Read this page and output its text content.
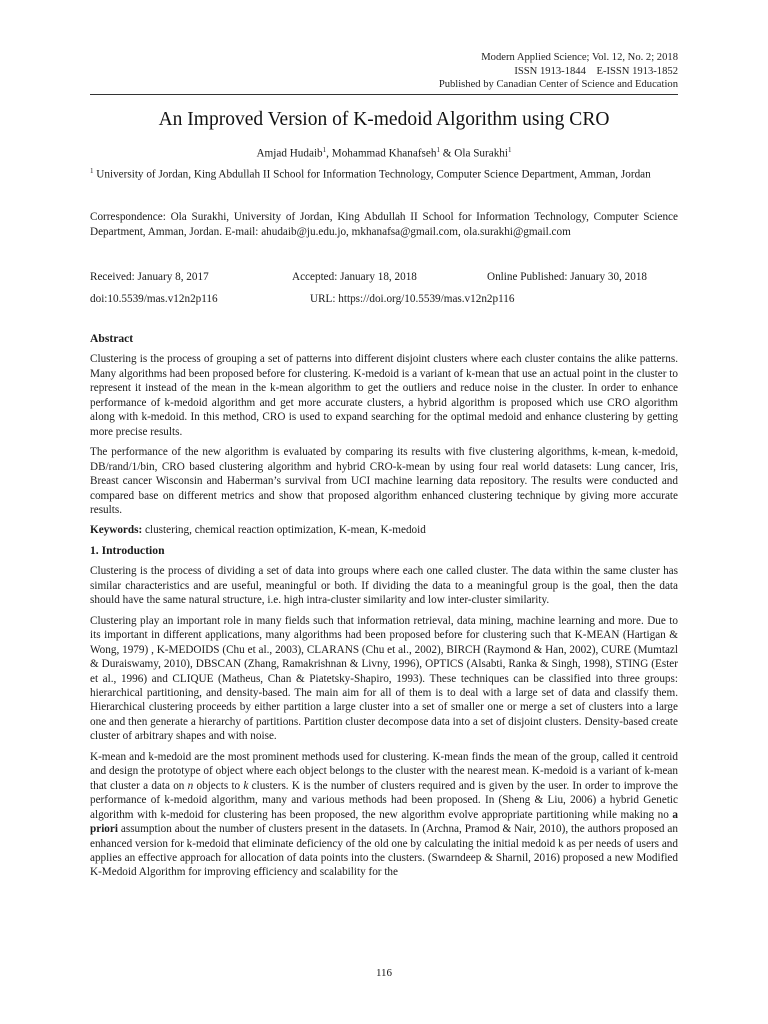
Modern Applied Science; Vol. 12, No. 2; 2018
ISSN 1913-1844    E-ISSN 1913-1852
Published by Canadian Center of Science and Education
An Improved Version of K-medoid Algorithm using CRO
Amjad Hudaib$^1$, Mohammad Khanafseh$^1$ & Ola Surakhi$^1$
$^1$ University of Jordan, King Abdullah II School for Information Technology, Computer Science Department, Amman, Jordan
Correspondence: Ola Surakhi, University of Jordan, King Abdullah II School for Information Technology, Computer Science Department, Amman, Jordan. E-mail: ahudaib@ju.edu.jo, mkhanafsa@gmail.com, ola.surakhi@gmail.com
Received: January 8, 2017	Accepted: January 18, 2018	Online Published: January 30, 2018
doi:10.5539/mas.v12n2p116	URL: https://doi.org/10.5539/mas.v12n2p116
Abstract

Clustering is the process of grouping a set of patterns into different disjoint clusters where each cluster contains the alike patterns. Many algorithms had been proposed before for clustering. K-medoid is a variant of k-mean that use an actual point in the cluster to represent it instead of the mean in the k-mean algorithm to get the outliers and reduce noise in the cluster. In order to enhance performance of k-medoid algorithm and get more accurate clusters, a hybrid algorithm is proposed which use CRO algorithm along with k-medoid. In this method, CRO is used to expand searching for the optimal medoid and enhance clustering by getting more precise results.

The performance of the new algorithm is evaluated by comparing its results with five clustering algorithms, k-mean, k-medoid, DB/rand/1/bin, CRO based clustering algorithm and hybrid CRO-k-mean by using four real world datasets: Lung cancer, Iris, Breast cancer Wisconsin and Haberman’s survival from UCI machine learning data repository. The results were conducted and compared base on different metrics and show that proposed algorithm enhanced clustering technique by giving more accurate results.

Keywords: clustering, chemical reaction optimization, K-mean, K-medoid

1. Introduction

Clustering is the process of dividing a set of data into groups where each one called cluster. The data within the same cluster has similar characteristics and are useful, meaningful or both. If dividing the data to a meaningful group is the goal, then the data should have the same natural structure, i.e. high intra-cluster similarity and low inter-cluster similarity.

Clustering play an important role in many fields such that information retrieval, data mining, machine learning and more. Due to its important in different applications, many algorithms had been proposed before for clustering such that K-MEAN (Hartigan & Wong, 1979) , K-MEDOIDS (Chu et al., 2003), CLARANS (Chu et al., 2002), BIRCH (Raymond & Han, 2002), CURE (Mumtazl & Duraiswamy, 2010), DBSCAN (Zhang, Ramakrishnan & Livny, 1996), OPTICS (Alsabti, Ranka & Singh, 1998), STING (Ester et al., 1996) and CLIQUE (Matheus, Chan & Piatetsky-Shapiro, 1993). These techniques can be classified into three groups: hierarchical partitioning, and density-based. The main aim for all of them is to deal with a large set of data and classify them. Hierarchical clustering proceeds by either partition a large cluster into a set of smaller one or merge a set of clusters into a large one and then generate a hierarchy of partitions. Partition cluster decompose data into a set of disjoint clusters. Density-based create cluster of arbitrary shapes and with noise.

K-mean and k-medoid are the most prominent methods used for clustering. K-mean finds the mean of the group, called it centroid and design the prototype of object where each object belongs to the cluster with the nearest mean. K-medoid is a variant of k-mean that cluster a data on n objects to k clusters. K is the number of clusters required and is given by the user. In order to improve the performance of k-medoid algorithm, many and various methods had been proposed. In (Sheng & Liu, 2006) a hybrid Genetic algorithm with k-medoid for clustering has been proposed, the new algorithm evolve appropriate partitioning while making no a priori assumption about the number of clusters present in the datasets. In (Archna, Pramod & Nair, 2010), the authors proposed an enhanced version for k-medoid that eliminate deficiency of the old one by calculating the initial medoid k as per needs of users and applies an effective approach for allocation of data points into the clusters. (Swarndeep & Sharnil, 2016) proposed a new Modified K-Medoid Algorithm for improving efficiency and scalability for the

116
